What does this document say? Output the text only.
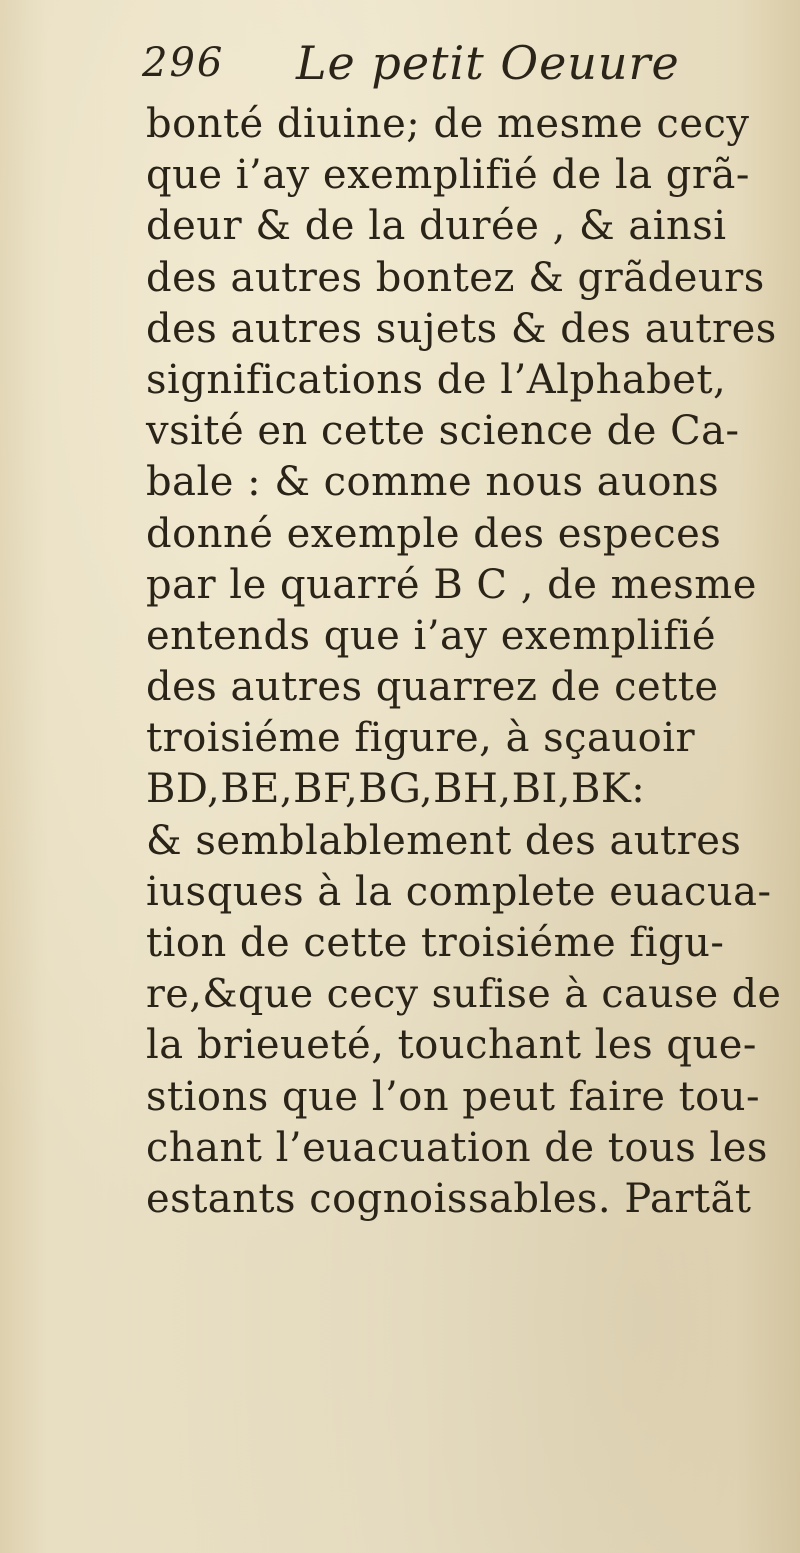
296 Le petit Oeuure
bonté diuine; de mesme cecy
que i’ay exemplifié de la grã-
deur & de la durée , & ainsi
des autres bontez & grãdeurs
des autres sujets & des autres
significations de l’Alphabet,
vsité en cette science de Ca-
bale : & comme nous auons
donné exemple des especes
par le quarré B C , de mesme
entends que i’ay exemplifié
des autres quarrez de cette
troisiéme figure, à sçauoir
BD,BE,BF,BG,BH,BI,BK:
& semblablement des autres
iusques à la complete euacua-
tion de cette troisiéme figu-
re,&que cecy sufise à cause de
la brieueté, touchant les que-
stions que l’on peut faire tou-
chant l’euacuation de tous les
estants cognoissables. Partãt
